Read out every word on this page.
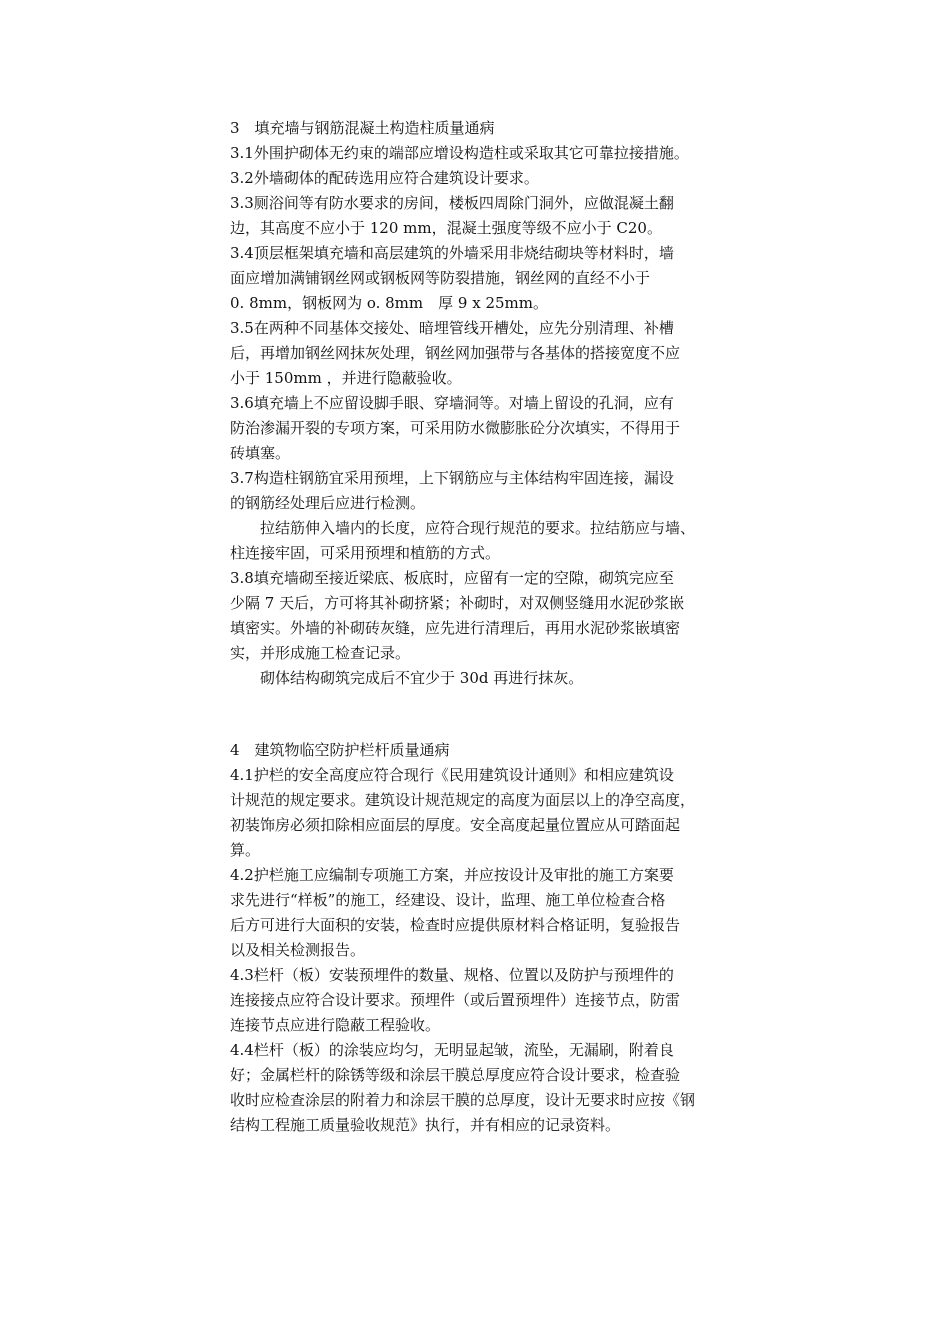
3　填充墙与钢筋混凝土构造柱质量通病
3.1外围护砌体无约束的端部应增设构造柱或采取其它可靠拉接措施。
3.2外墙砌体的配砖选用应符合建筑设计要求。
3.3厕浴间等有防水要求的房间，楼板四周除门洞外，应做混凝土翻
边，其高度不应小于 120 mm，混凝土强度等级不应小于 C20。
3.4顶层框架填充墙和高层建筑的外墙采用非烧结砌块等材料时，墙
面应增加满铺钢丝网或钢板网等防裂措施，钢丝网的直经不小于
0. 8mm，钢板网为 o. 8mm　厚 9 x 25mm。
3.5在两种不同基体交接处、暗埋管线开槽处，应先分别清理、补槽
后，再增加钢丝网抹灰处理，钢丝网加强带与各基体的搭接宽度不应
小于 150mm ，并进行隐蔽验收。
3.6填充墙上不应留设脚手眼、穿墙洞等。对墙上留设的孔洞，应有
防治渗漏开裂的专项方案，可采用防水微膨胀砼分次填实，不得用于
砖填塞。
3.7构造柱钢筋宜采用预埋，上下钢筋应与主体结构牢固连接，漏设
的钢筋经处理后应进行检测。
　　拉结筋伸入墙内的长度，应符合现行规范的要求。拉结筋应与墙、
柱连接牢固，可采用预埋和植筋的方式。
3.8填充墙砌至接近梁底、板底时，应留有一定的空隙，砌筑完应至
少隔 7 天后，方可将其补砌挤紧；补砌时，对双侧竖缝用水泥砂浆嵌
填密实。外墙的补砌砖灰缝，应先进行清理后，再用水泥砂浆嵌填密
实，并形成施工检查记录。
　　砌体结构砌筑完成后不宜少于 30d 再进行抹灰。
4　建筑物临空防护栏杆质量通病
4.1护栏的安全高度应符合现行《民用建筑设计通则》和相应建筑设
计规范的规定要求。建筑设计规范规定的高度为面层以上的净空高度，
初装饰房必须扣除相应面层的厚度。安全高度起量位置应从可踏面起
算。
4.2护栏施工应编制专项施工方案，并应按设计及审批的施工方案要
求先进行“样板”的施工，经建设、设计，监理、施工单位检查合格
后方可进行大面积的安装，检查时应提供原材料合格证明，复验报告
以及相关检测报告。
4.3栏杆（板）安装预埋件的数量、规格、位置以及防护与预埋件的
连接接点应符合设计要求。预埋件（或后置预埋件）连接节点，防雷
连接节点应进行隐蔽工程验收。
4.4栏杆（板）的涂装应均匀，无明显起皱，流坠，无漏刷，附着良
好；金属栏杆的除锈等级和涂层干膜总厚度应符合设计要求，检查验
收时应检查涂层的附着力和涂层干膜的总厚度，设计无要求时应按《钢
结构工程施工质量验收规范》执行，并有相应的记录资料。
